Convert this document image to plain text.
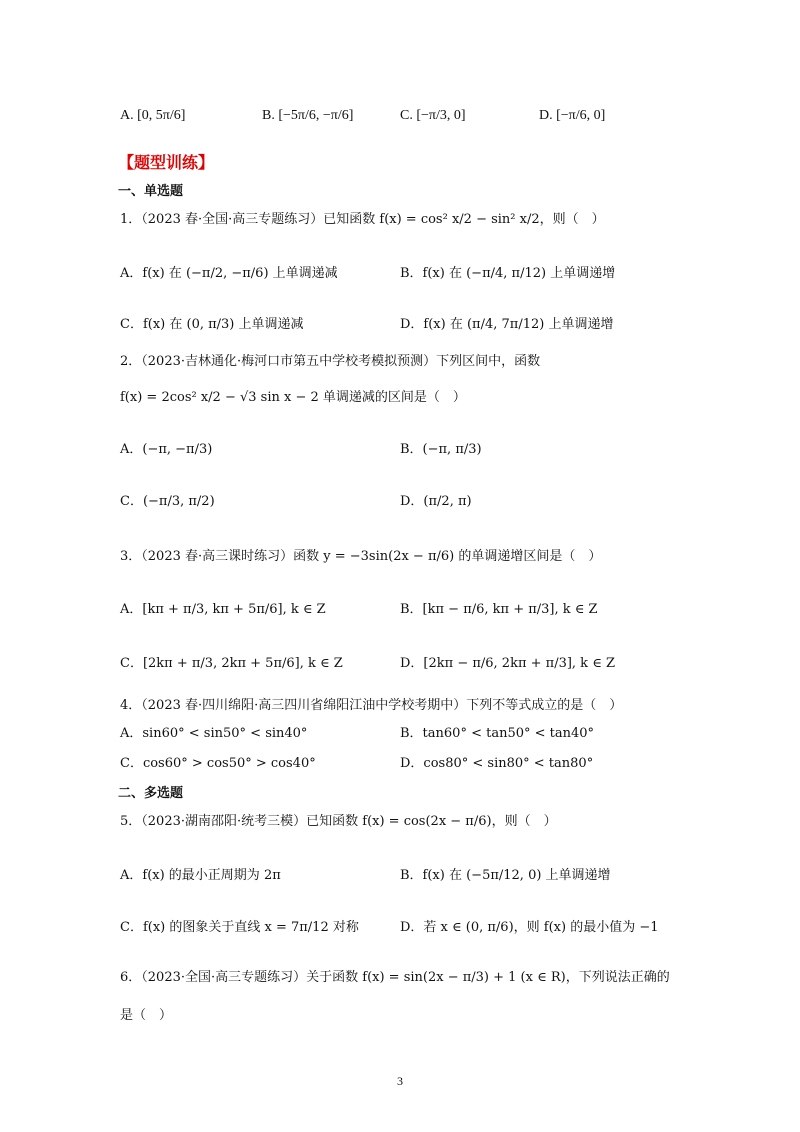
A. [0, 5π/6]	B. [−5π/6, −π/6]	C. [−π/3, 0]	D. [−π/6, 0]
【题型训练】
一、单选题
1．（2023 春·全国·高三专题练习）已知函数 f(x) = cos² x/2 − sin² x/2，则（　）
A．f(x) 在 (−π/2, −π/6) 上单调递减	B．f(x) 在 (−π/4, π/12) 上单调递增
C．f(x) 在 (0, π/3) 上单调递减	D．f(x) 在 (π/4, 7π/12) 上单调递增
2．（2023·吉林通化·梅河口市第五中学校考模拟预测）下列区间中，函数
f(x) = 2cos² x/2 − √3 sin x − 2 单调递减的区间是（　）
A．(−π, −π/3)	B．(−π, π/3)
C．(−π/3, π/2)	D．(π/2, π)
3．（2023 春·高三课时练习）函数 y = −3sin(2x − π/6) 的单调递增区间是（　）
A．[kπ + π/3, kπ + 5π/6], k ∈ Z	B．[kπ − π/6, kπ + π/3], k ∈ Z
C．[2kπ + π/3, 2kπ + 5π/6], k ∈ Z	D．[2kπ − π/6, 2kπ + π/3], k ∈ Z
4．（2023 春·四川绵阳·高三四川省绵阳江油中学校考期中）下列不等式成立的是（　）
A．sin60° < sin50° < sin40°	B．tan60° < tan50° < tan40°
C．cos60° > cos50° > cos40°	D．cos80° < sin80° < tan80°
二、多选题
5．（2023·湖南邵阳·统考三模）已知函数 f(x) = cos(2x − π/6)，则（　）
A．f(x) 的最小正周期为 2π	B．f(x) 在 (−5π/12, 0) 上单调递增
C．f(x) 的图象关于直线 x = 7π/12 对称	D．若 x ∈ (0, π/6)，则 f(x) 的最小值为 −1
6．（2023·全国·高三专题练习）关于函数 f(x) = sin(2x − π/3) + 1 (x ∈ R)，下列说法正确的
是（　）
3
